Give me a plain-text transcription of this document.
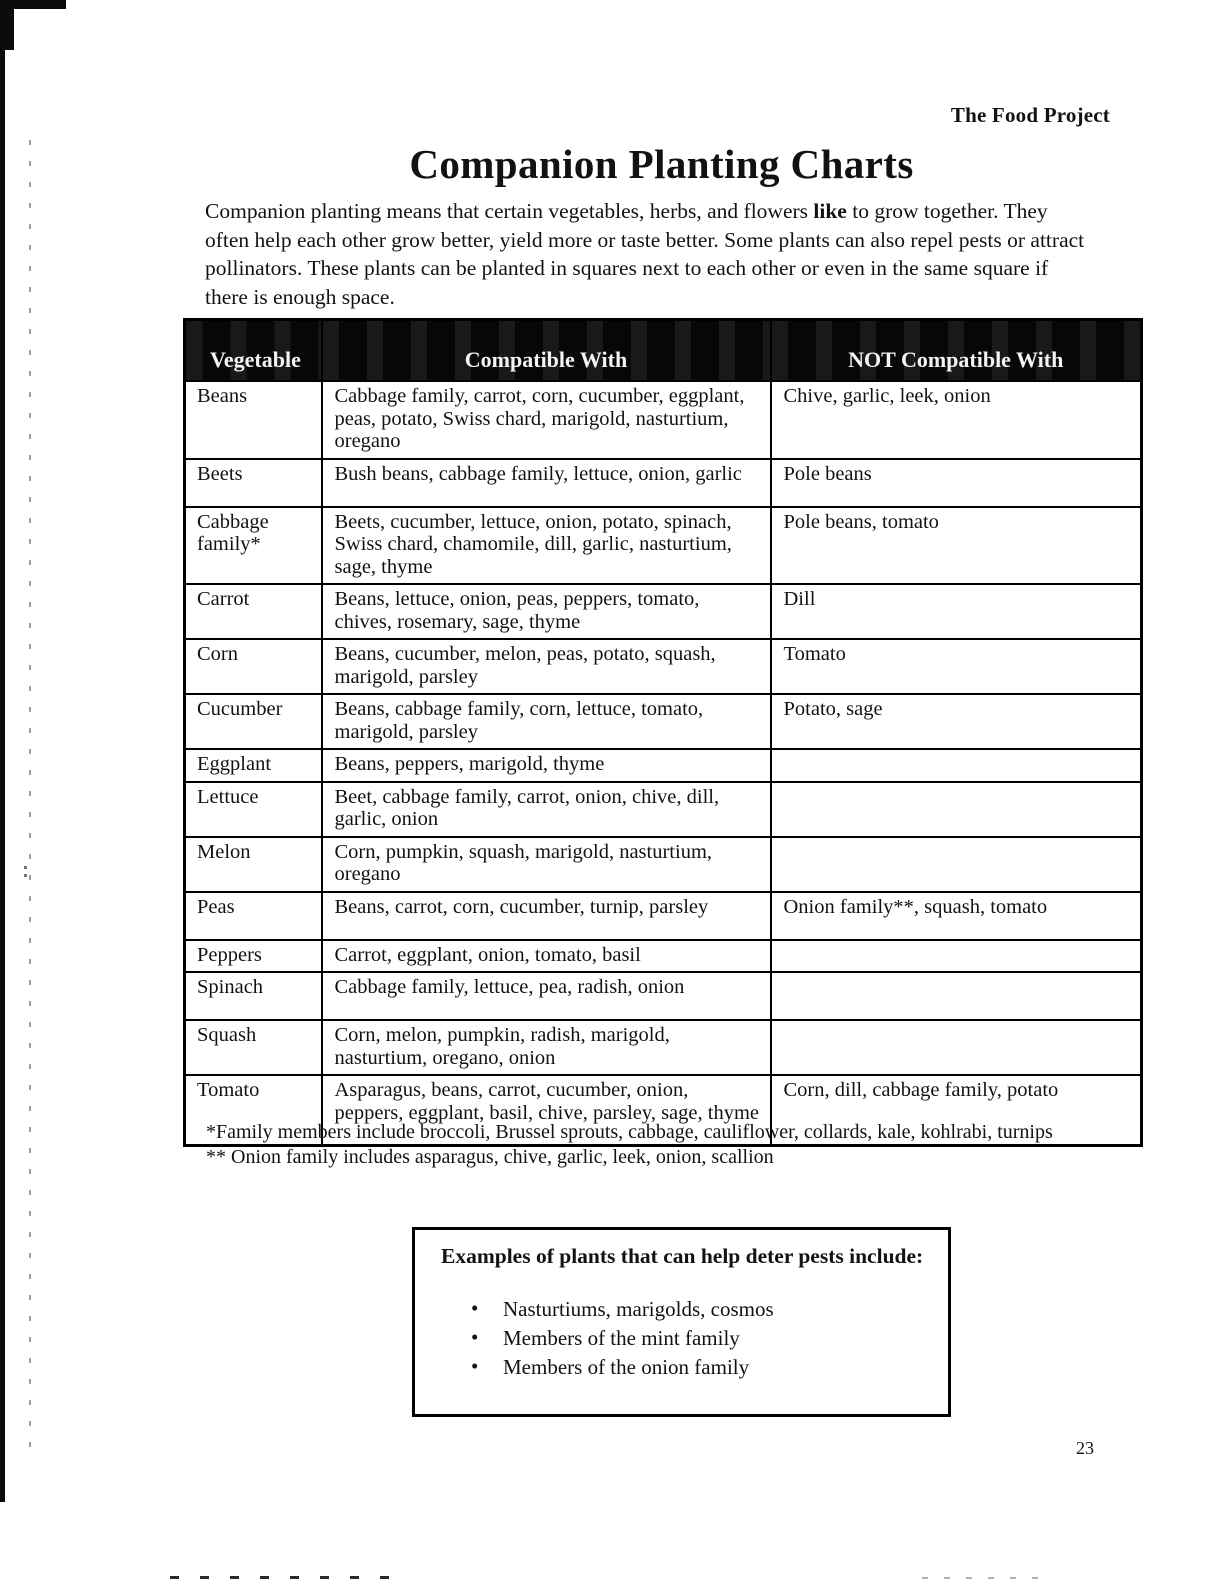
The Food Project
Companion Planting Charts
Companion planting means that certain vegetables, herbs, and flowers like to grow together. They often help each other grow better, yield more or taste better. Some plants can also repel pests or attract pollinators. These plants can be planted in squares next to each other or even in the same square if there is enough space.
Vegetable	Compatible With	NOT Compatible With
Beans	Cabbage family, carrot, corn, cucumber, eggplant, peas, potato, Swiss chard, marigold, nasturtium, oregano	Chive, garlic, leek, onion
Beets	Bush beans, cabbage family, lettuce, onion, garlic	Pole beans
Cabbage family*	Beets, cucumber, lettuce, onion, potato, spinach, Swiss chard, chamomile, dill, garlic, nasturtium, sage, thyme	Pole beans, tomato
Carrot	Beans, lettuce, onion, peas, peppers, tomato, chives, rosemary, sage, thyme	Dill
Corn	Beans, cucumber, melon, peas, potato, squash, marigold, parsley	Tomato
Cucumber	Beans, cabbage family, corn, lettuce, tomato, marigold, parsley	Potato, sage
Eggplant	Beans, peppers, marigold, thyme	
Lettuce	Beet, cabbage family, carrot, onion, chive, dill, garlic, onion	
Melon	Corn, pumpkin, squash, marigold, nasturtium, oregano	
Peas	Beans, carrot, corn, cucumber, turnip, parsley	Onion family**, squash, tomato
Peppers	Carrot, eggplant, onion, tomato, basil	
Spinach	Cabbage family, lettuce, pea, radish, onion	
Squash	Corn, melon, pumpkin, radish, marigold, nasturtium, oregano, onion	
Tomato	Asparagus, beans, carrot, cucumber, onion, peppers, eggplant, basil, chive, parsley, sage, thyme	Corn, dill, cabbage family, potato
*Family members include broccoli, Brussel sprouts, cabbage, cauliflower, collards, kale, kohlrabi, turnips
** Onion family includes asparagus, chive, garlic, leek, onion, scallion
Examples of plants that can help deter pests include:
• Nasturtiums, marigolds, cosmos
• Members of the mint family
• Members of the onion family
23
